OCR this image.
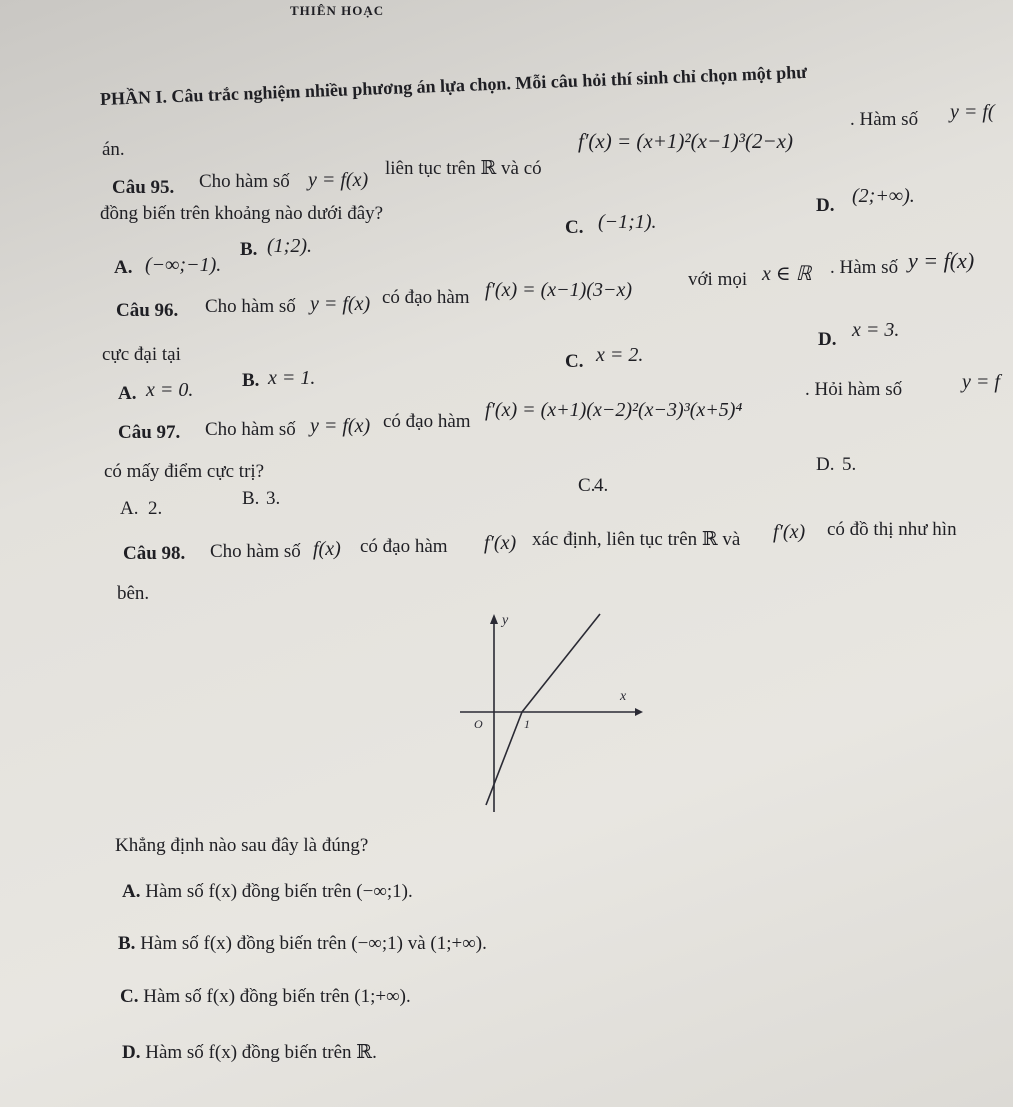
THIÊN HOẠC
PHẦN I. Câu trắc nghiệm nhiều phương án lựa chọn. Mỗi câu hỏi thí sinh chỉ chọn một phư
án.
Câu 95. Cho hàm số y = f(x)
liên tục trên ℝ và có
f′(x) = (x+1)²(x−1)³(2−x)
. Hàm số y = f(
đồng biến trên khoảng nào dưới đây?
A. (−∞;−1).
B. (1;2).
C. (−1;1).
D. (2;+∞).
Câu 96. Cho hàm số y = f(x) có đạo hàm f′(x) = (x−1)(3−x)	với mọi x ∈ ℝ . Hàm số y = f(x)
cực đại tại
A. x = 0.	B. x = 1.
C. x = 2.
D. x = 3.
Câu 97. Cho hàm số y = f(x) có đạo hàm
f′(x) = (x+1)(x−2)²(x−3)³(x+5)⁴
. Hỏi hàm số	y = f
có mấy điểm cực trị?
A. 2.	B. 3.
C.
4.
D. 5.
Câu 98. Cho hàm số f(x) có đạo hàm f′(x) xác định, liên tục trên ℝ và f′(x) có đồ thị như hìn
bên.
y
x
O	1
Khẳng định nào sau đây là đúng?
A. Hàm số f(x) đồng biến trên (−∞;1).
B. Hàm số f(x) đồng biến trên (−∞;1) và (1;+∞).
C. Hàm số f(x) đồng biến trên (1;+∞).
D. Hàm số f(x) đồng biến trên ℝ.
